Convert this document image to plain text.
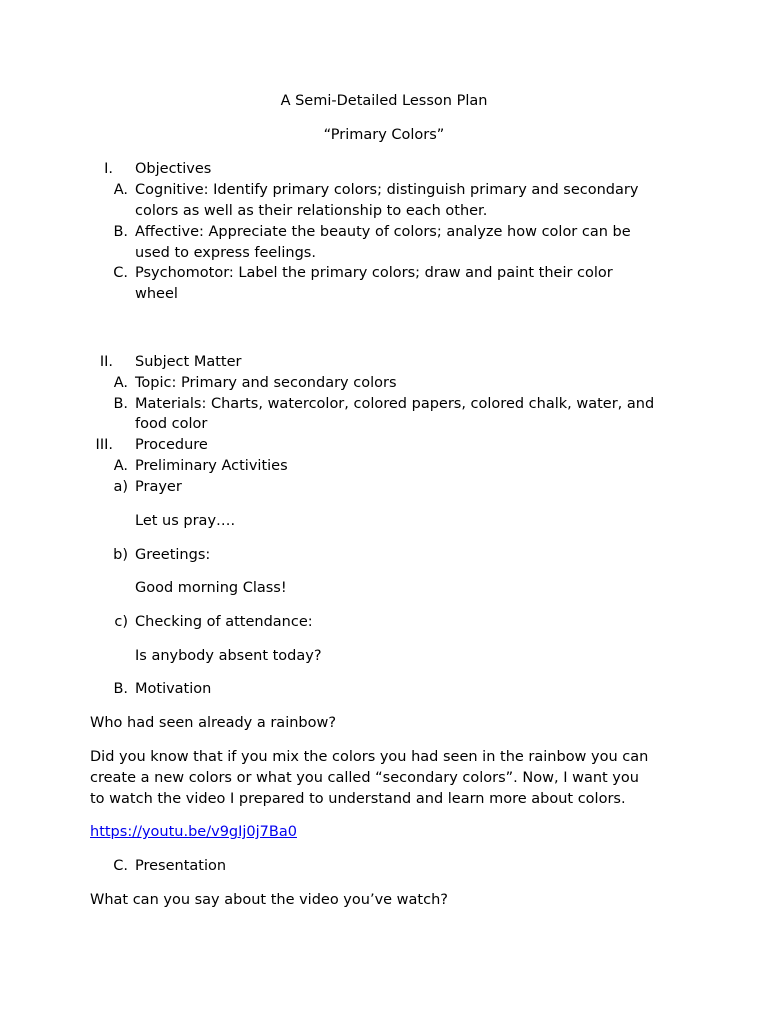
A Semi-Detailed Lesson Plan
“Primary Colors”
I. Objectives
A. Cognitive: Identify primary colors; distinguish primary and secondary
colors as well as their relationship to each other.
B. Affective: Appreciate the beauty of colors; analyze how color can be
used to express feelings.
C. Psychomotor: Label the primary colors; draw and paint their color
wheel
II. Subject Matter
A. Topic: Primary and secondary colors
B. Materials: Charts, watercolor, colored papers, colored chalk, water, and
food color
III. Procedure
A. Preliminary Activities
a) Prayer
Let us pray….
b) Greetings:
Good morning Class!
c) Checking of attendance:
Is anybody absent today?
B. Motivation
Who had seen already a rainbow?
Did you know that if you mix the colors you had seen in the rainbow you can
create a new colors or what you called “secondary colors”. Now, I want you
to watch the video I prepared to understand and learn more about colors.
https://youtu.be/v9gIj0j7Ba0
C. Presentation
What can you say about the video you’ve watch?
